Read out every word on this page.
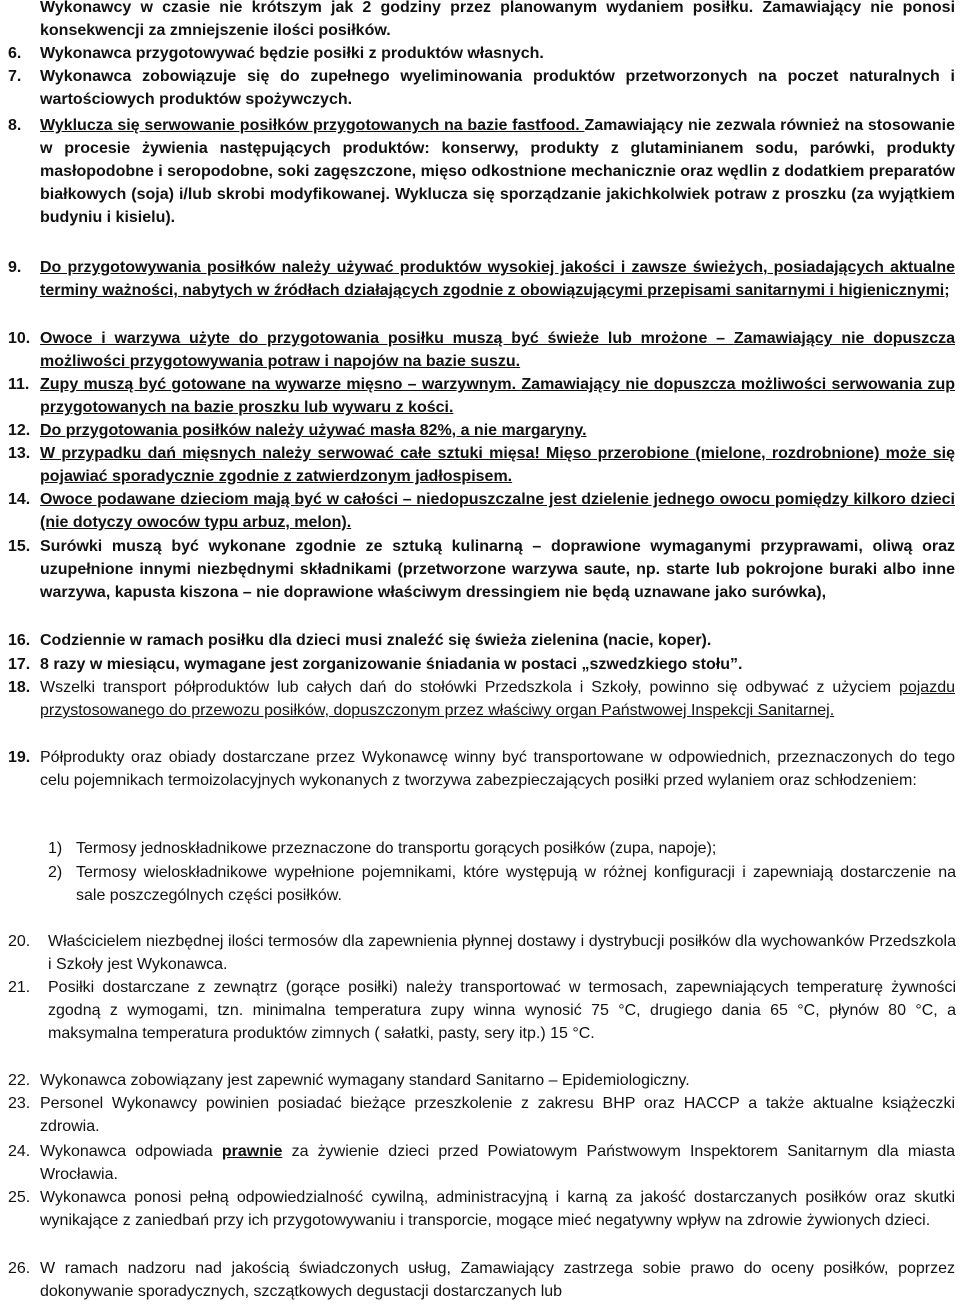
Wykonawcy w czasie nie krótszym jak 2 godziny przez planowanym wydaniem posiłku. Zamawiający nie ponosi konsekwencji za zmniejszenie ilości posiłków.
6. Wykonawca przygotowywać będzie posiłki z produktów własnych.
7. Wykonawca zobowiązuje się do zupełnego wyeliminowania produktów przetworzonych na poczet naturalnych i wartościowych produktów spożywczych.
8. Wyklucza się serwowanie posiłków przygotowanych na bazie fastfood. Zamawiający nie zezwala również na stosowanie w procesie żywienia następujących produktów: konserwy, produkty z glutaminianem sodu, parówki, produkty masłopodobne i seropodobne, soki zagęszczone, mięso odkostnione mechanicznie oraz wędlin z dodatkiem preparatów białkowych (soja) i/lub skrobi modyfikowanej. Wyklucza się sporządzanie jakichkolwiek potraw z proszku (za wyjątkiem budyniu i kisielu).
9. Do przygotowywania posiłków należy używać produktów wysokiej jakości i zawsze świeżych, posiadających aktualne terminy ważności, nabytych w źródłach działających zgodnie z obowiązującymi przepisami sanitarnymi i higienicznymi;
10. Owoce i warzywa użyte do przygotowania posiłku muszą być świeże lub mrożone – Zamawiający nie dopuszcza możliwości przygotowywania potraw i napojów na bazie suszu.
11. Zupy muszą być gotowane na wywarze mięsno – warzywnym. Zamawiający nie dopuszcza możliwości serwowania zup przygotowanych na bazie proszku lub wywaru z kości.
12. Do przygotowania posiłków należy używać masła 82%, a nie margaryny.
13. W przypadku dań mięsnych należy serwować całe sztuki mięsa! Mięso przerobione (mielone, rozdrobnione) może się pojawiać sporadycznie zgodnie z zatwierdzonym jadłospisem.
14. Owoce podawane dzieciom mają być w całości – niedopuszczalne jest dzielenie jednego owocu pomiędzy kilkoro dzieci (nie dotyczy owoców typu arbuz, melon).
15. Surówki muszą być wykonane zgodnie ze sztuką kulinarną – doprawione wymaganymi przyprawami, oliwą oraz uzupełnione innymi niezbędnymi składnikami (przetworzone warzywa saute, np. starte lub pokrojone buraki albo inne warzywa, kapusta kiszona – nie doprawione właściwym dressingiem nie będą uznawane jako surówka),
16. Codziennie w ramach posiłku dla dzieci musi znaleźć się świeża zielenina (nacie, koper).
17. 8 razy w miesiącu, wymagane jest zorganizowanie śniadania w postaci „szwedzkiego stołu”.
18. Wszelki transport półproduktów lub całych dań do stołówki Przedszkola i Szkoły, powinno się odbywać z użyciem pojazdu przystosowanego do przewozu posiłków, dopuszczonym przez właściwy organ Państwowej Inspekcji Sanitarnej.
19. Półprodukty oraz obiady dostarczane przez Wykonawcę winny być transportowane w odpowiednich, przeznaczonych do tego celu pojemnikach termoizolacyjnych wykonanych z tworzywa zabezpieczających posiłki przed wylaniem oraz schłodzeniem:
1) Termosy jednoskładnikowe przeznaczone do transportu gorących posiłków (zupa, napoje);
2) Termosy wieloskładnikowe wypełnione pojemnikami, które występują w różnej konfiguracji i zapewniają dostarczenie na sale poszczególnych części posiłków.
20. Właścicielem niezbędnej ilości termosów dla zapewnienia płynnej dostawy i dystrybucji posiłków dla wychowanków Przedszkola i Szkoły jest Wykonawca.
21. Posiłki dostarczane z zewnątrz (gorące posiłki) należy transportować w termosach, zapewniających temperaturę żywności zgodną z wymogami, tzn. minimalna temperatura zupy winna wynosić 75 °C, drugiego dania 65 °C, płynów 80 °C, a maksymalna temperatura produktów zimnych ( sałatki, pasty, sery itp.) 15 °C.
22. Wykonawca zobowiązany jest zapewnić wymagany standard Sanitarno – Epidemiologiczny.
23. Personel Wykonawcy powinien posiadać bieżące przeszkolenie z zakresu BHP oraz HACCP a także aktualne książeczki zdrowia.
24. Wykonawca odpowiada prawnie za żywienie dzieci przed Powiatowym Państwowym Inspektorem Sanitarnym dla miasta Wrocławia.
25. Wykonawca ponosi pełną odpowiedzialność cywilną, administracyjną i karną za jakość dostarczanych posiłków oraz skutki wynikające z zaniedbań przy ich przygotowywaniu i transporcie, mogące mieć negatywny wpływ na zdrowie żywionych dzieci.
26. W ramach nadzoru nad jakością świadczonych usług, Zamawiający zastrzega sobie prawo do oceny posiłków, poprzez dokonywanie sporadycznych, szczątkowych degustacji dostarczanych lub
